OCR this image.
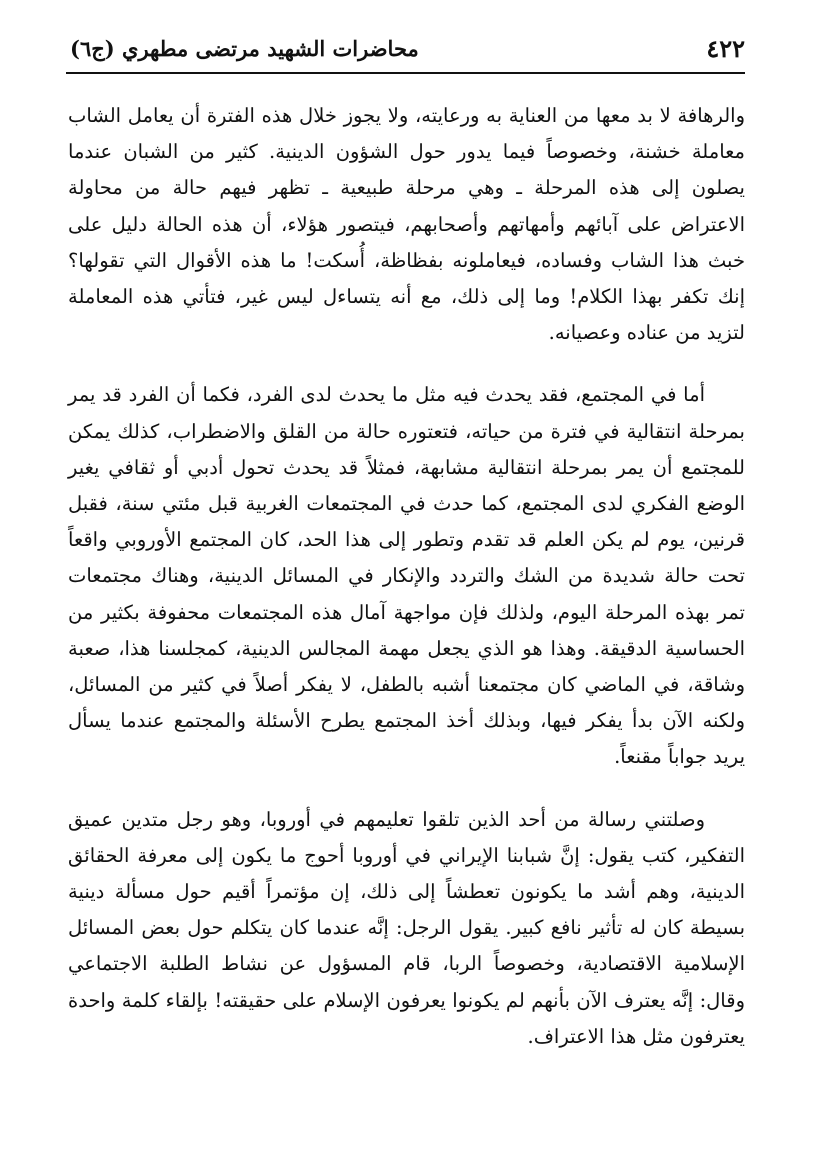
٤٢٢
محاضرات الشهيد مرتضى مطهري (ج٦)

والرهافة لا بد معها من العناية به ورعايته، ولا يجوز خلال هذه الفترة أن يعامل الشاب معاملة خشنة، وخصوصاً فيما يدور حول الشؤون الدينية. كثير من الشبان عندما يصلون إلى هذه المرحلة ـ وهي مرحلة طبيعية ـ تظهر فيهم حالة من محاولة الاعتراض على آبائهم وأمهاتهم وأصحابهم، فيتصور هؤلاء، أن هذه الحالة دليل على خبث هذا الشاب وفساده، فيعاملونه بفظاظة، أُسكت! ما هذه الأقوال التي تقولها؟ إنك تكفر بهذا الكلام! وما إلى ذلك، مع أنه يتساءل ليس غير، فتأتي هذه المعاملة لتزيد من عناده وعصيانه.

أما في المجتمع، فقد يحدث فيه مثل ما يحدث لدى الفرد، فكما أن الفرد قد يمر بمرحلة انتقالية في فترة من حياته، فتعتوره حالة من القلق والاضطراب، كذلك يمكن للمجتمع أن يمر بمرحلة انتقالية مشابهة، فمثلاً قد يحدث تحول أدبي أو ثقافي يغير الوضع الفكري لدى المجتمع، كما حدث في المجتمعات الغربية قبل مئتي سنة، فقبل قرنين، يوم لم يكن العلم قد تقدم وتطور إلى هذا الحد، كان المجتمع الأوروبي واقعاً تحت حالة شديدة من الشك والتردد والإنكار في المسائل الدينية، وهناك مجتمعات تمر بهذه المرحلة اليوم، ولذلك فإن مواجهة آمال هذه المجتمعات محفوفة بكثير من الحساسية الدقيقة. وهذا هو الذي يجعل مهمة المجالس الدينية، كمجلسنا هذا، صعبة وشاقة، في الماضي كان مجتمعنا أشبه بالطفل، لا يفكر أصلاً في كثير من المسائل، ولكنه الآن بدأ يفكر فيها، وبذلك أخذ المجتمع يطرح الأسئلة والمجتمع عندما يسأل يريد جواباً مقنعاً.

وصلتني رسالة من أحد الذين تلقوا تعليمهم في أوروبا، وهو رجل متدين عميق التفكير، كتب يقول: إنَّ شبابنا الإيراني في أوروبا أحوج ما يكون إلى معرفة الحقائق الدينية، وهم أشد ما يكونون تعطشاً إلى ذلك، إن مؤتمراً أقيم حول مسألة دينية بسيطة كان له تأثير نافع كبير. يقول الرجل: إنَّه عندما كان يتكلم حول بعض المسائل الإسلامية الاقتصادية، وخصوصاً الربا، قام المسؤول عن نشاط الطلبة الاجتماعي وقال: إنَّه يعترف الآن بأنهم لم يكونوا يعرفون الإسلام على حقيقته! بإلقاء كلمة واحدة يعترفون مثل هذا الاعتراف.
